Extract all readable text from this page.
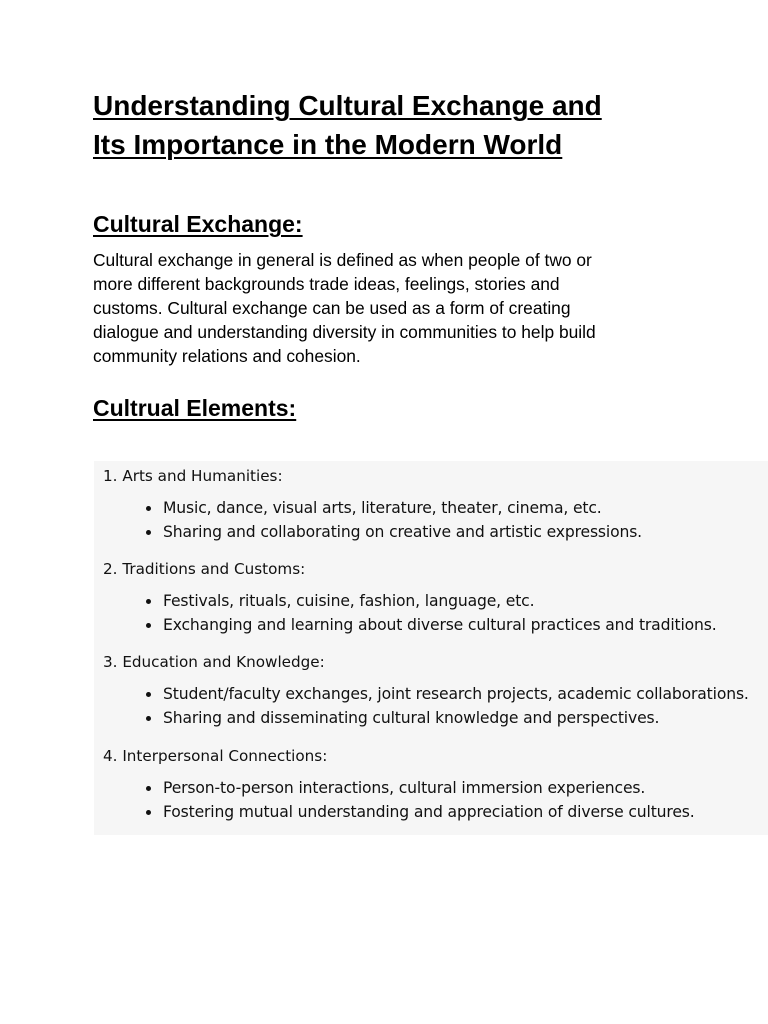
Understanding Cultural Exchange and
Its Importance in the Modern World
Cultural Exchange:

Cultural exchange in general is defined as when people of two or
more different backgrounds trade ideas, feelings, stories and
customs. Cultural exchange can be used as a form of creating
dialogue and understanding diversity in communities to help build
community relations and cohesion.

Cultrual Elements:
1. Arts and Humanities:
Music, dance, visual arts, literature, theater, cinema, etc.
Sharing and collaborating on creative and artistic expressions.
2. Traditions and Customs:
Festivals, rituals, cuisine, fashion, language, etc.
Exchanging and learning about diverse cultural practices and traditions.
3. Education and Knowledge:
Student/faculty exchanges, joint research projects, academic collaborations.
Sharing and disseminating cultural knowledge and perspectives.
4. Interpersonal Connections:
Person-to-person interactions, cultural immersion experiences.
Fostering mutual understanding and appreciation of diverse cultures.
